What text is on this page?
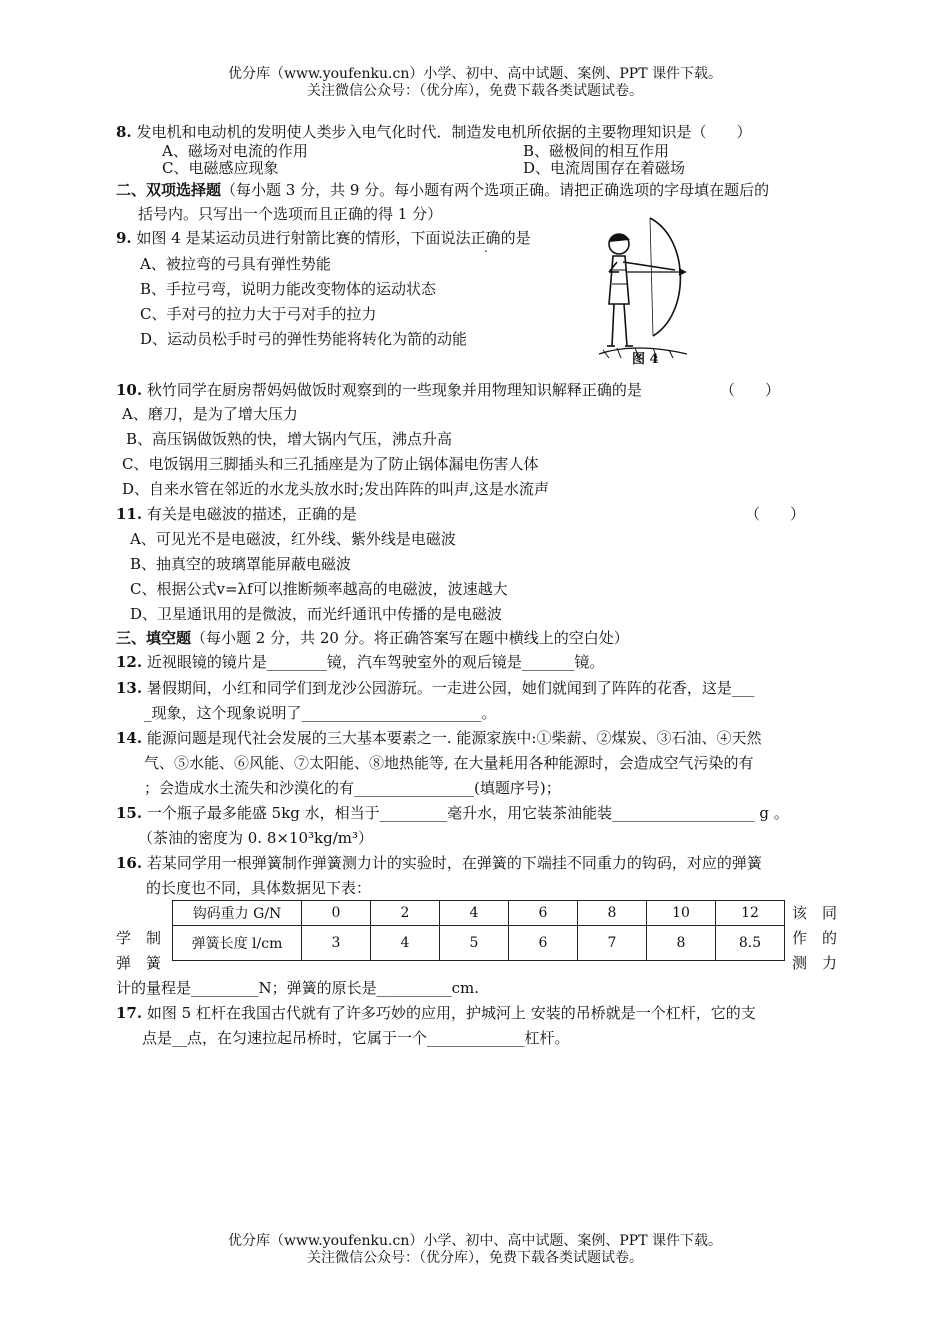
优分库（www.youfenku.cn）小学、初中、高中试题、案例、PPT 课件下载。
关注微信公众号：（优分库），免费下载各类试题试卷。
8. 发电机和电动机的发明使人类步入电气化时代．制造发电机所依据的主要物理知识是（　　）
A、磁场对电流的作用	B、磁极间的相互作用
C、电磁感应现象	D、电流周围存在着磁场
二、双项选择题（每小题 3 分，共 9 分。每小题有两个选项正确。请把正确选项的字母填在题后的
括号内。只写出一个选项而且正确的得 1 分）
9. 如图 4 是某运动员进行射箭比赛的情形，下面说法正确的是
A、被拉弯的弓具有弹性势能
B、手拉弓弯，说明力能改变物体的运动状态
C、手对弓的拉力大于弓对手的拉力
D、运动员松手时弓的弹性势能将转化为箭的动能
图 4
10. 秋竹同学在厨房帮妈妈做饭时观察到的一些现象并用物理知识解释正确的是	（　　）
A、磨刀，是为了增大压力
B、高压锅做饭熟的快，增大锅内气压，沸点升高
C、电饭锅用三脚插头和三孔插座是为了防止锅体漏电伤害人体
D、自来水管在邻近的水龙头放水时;发出阵阵的叫声,这是水流声
11. 有关是电磁波的描述，正确的是	（　　）
A、可见光不是电磁波，红外线、紫外线是电磁波
B、抽真空的玻璃罩能屏蔽电磁波
C、根据公式v=λf可以推断频率越高的电磁波，波速越大
D、卫星通讯用的是微波，而光纤通讯中传播的是电磁波
三、填空题（每小题 2 分，共 20 分。将正确答案写在题中横线上的空白处）
12. 近视眼镜的镜片是________镜，汽车驾驶室外的观后镜是_______镜。
13. 暑假期间，小红和同学们到龙沙公园游玩。一走进公园，她们就闻到了阵阵的花香，这是___
_现象，这个现象说明了________________________。
14. 能源问题是现代社会发展的三大基本要素之一. 能源家族中:①柴薪、②煤炭、③石油、④天然
气、⑤水能、⑥风能、⑦太阳能、⑧地热能等, 在大量耗用各种能源时，会造成空气污染的有
；会造成水土流失和沙漠化的有________________(填题序号)；
15. 一个瓶子最多能盛 5kg 水，相当于_________毫升水，用它装茶油能装___________________ g 。
（茶油的密度为 0. 8×10³kg/m³）
16. 若某同学用一根弹簧制作弹簧测力计的实验时，在弹簧的下端挂不同重力的钩码，对应的弹簧
的长度也不同，具体数据见下表：
钩码重力 G/N	0	2	4	6	8	10	12
弹簧长度 l/cm	3	4	5	6	7	8	8.5
学　制
弹　簧
该　同
作　的
测　力
计的量程是_________N；弹簧的原长是__________cm.
17. 如图 5 杠杆在我国古代就有了许多巧妙的应用，护城河上 安装的吊桥就是一个杠杆，它的支
点是__点，在匀速拉起吊桥时，它属于一个_____________杠杆。
优分库（www.youfenku.cn）小学、初中、高中试题、案例、PPT 课件下载。
关注微信公众号：（优分库），免费下载各类试题试卷。
